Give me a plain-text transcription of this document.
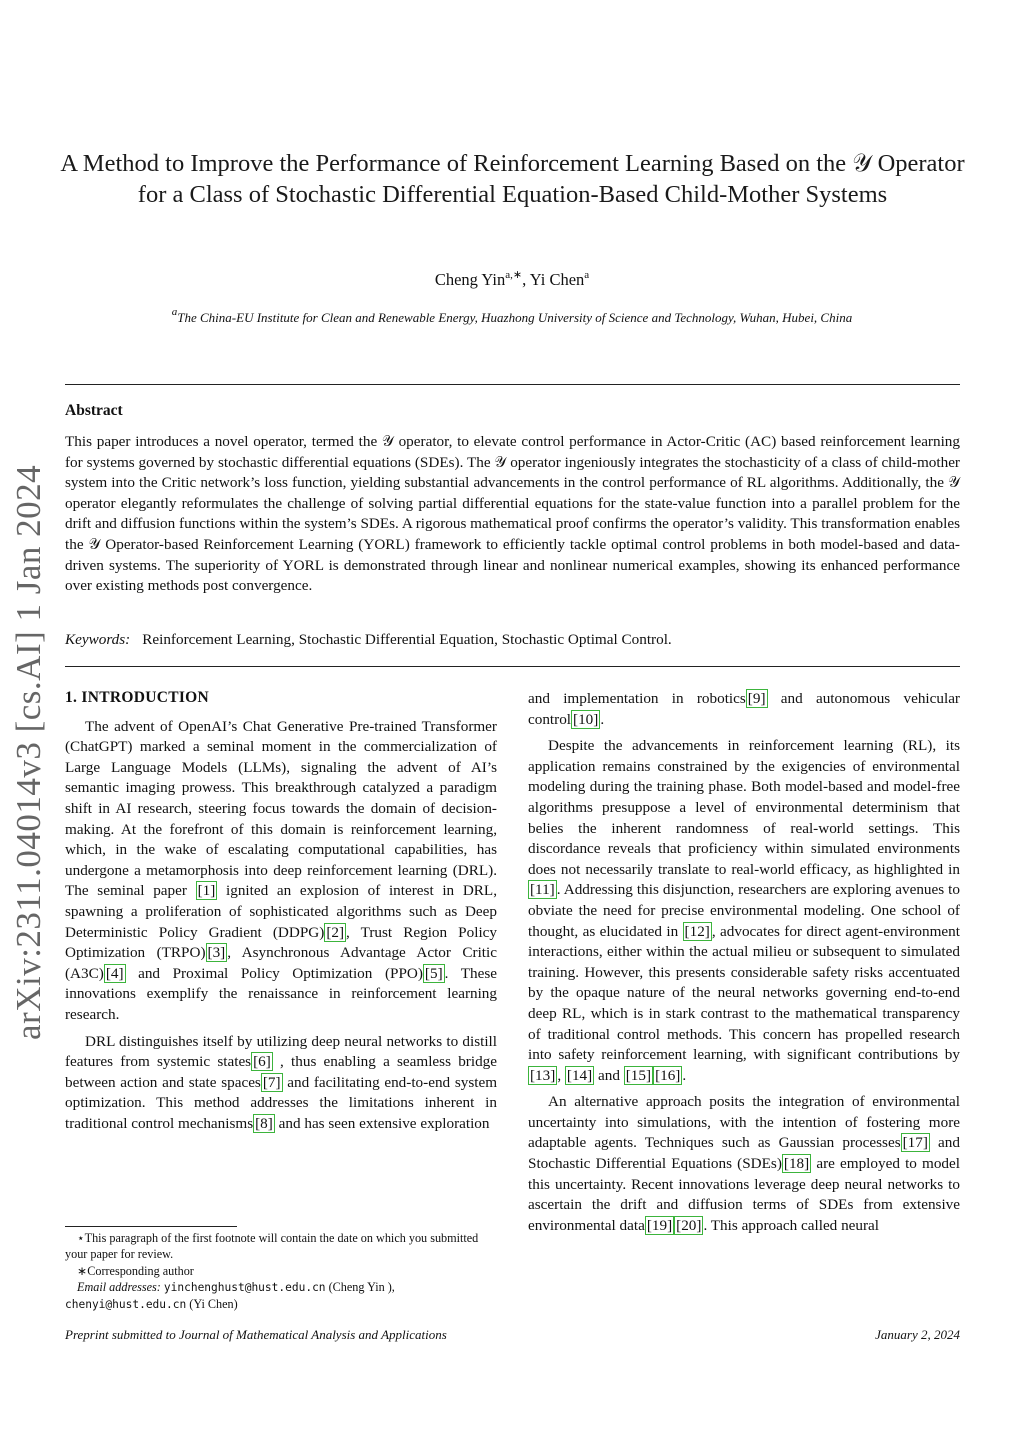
arXiv:2311.04014v3 [cs.AI] 1 Jan 2024
A Method to Improve the Performance of Reinforcement Learning Based on the 𝒴 Operator for a Class of Stochastic Differential Equation-Based Child-Mother Systems
Cheng Yin$^{a,∗}$, Yi Chen$^a$
$^a$The China-EU Institute for Clean and Renewable Energy, Huazhong University of Science and Technology, Wuhan, Hubei, China
Abstract
This paper introduces a novel operator, termed the 𝒴 operator, to elevate control performance in Actor-Critic (AC) based reinforcement learning for systems governed by stochastic differential equations (SDEs). The 𝒴 operator ingeniously integrates the stochasticity of a class of child-mother system into the Critic network’s loss function, yielding substantial advancements in the control performance of RL algorithms. Additionally, the 𝒴 operator elegantly reformulates the challenge of solving partial differential equations for the state-value function into a parallel problem for the drift and diffusion functions within the system’s SDEs. A rigorous mathematical proof confirms the operator’s validity. This transformation enables the 𝒴 Operator-based Reinforcement Learning (YORL) framework to efficiently tackle optimal control problems in both model-based and data-driven systems. The superiority of YORL is demonstrated through linear and nonlinear numerical examples, showing its enhanced performance over existing methods post convergence.
Keywords: Reinforcement Learning, Stochastic Differential Equation, Stochastic Optimal Control.
1. INTRODUCTION

The advent of OpenAI’s Chat Generative Pre-trained Transformer (ChatGPT) marked a seminal moment in the commercialization of Large Language Models (LLMs), signaling the advent of AI’s semantic imaging prowess. This breakthrough catalyzed a paradigm shift in AI research, steering focus towards the domain of decision-making. At the forefront of this domain is reinforcement learning, which, in the wake of escalating computational capabilities, has undergone a metamorphosis into deep reinforcement learning (DRL). The seminal paper [1] ignited an explosion of interest in DRL, spawning a proliferation of sophisticated algorithms such as Deep Deterministic Policy Gradient (DDPG) [2] , Trust Region Policy Optimization (TRPO) [3] , Asynchronous Advantage Actor Critic (A3C) [4] and Proximal Policy Optimization (PPO) [5] . These innovations exemplify the renaissance in reinforcement learning research.

DRL distinguishes itself by utilizing deep neural networks to distill features from systemic states [6] , thus enabling a seamless bridge between action and state spaces [7] and facilitating end-to-end system optimization. This method addresses the limitations inherent in traditional control mechanisms [8] and has seen extensive exploration

and implementation in robotics [9] and autonomous vehicular control [10] .

Despite the advancements in reinforcement learning (RL), its application remains constrained by the exigencies of environmental modeling during the training phase. Both model-based and model-free algorithms presuppose a level of environmental determinism that belies the inherent randomness of real-world settings. This discordance reveals that proficiency within simulated environments does not necessarily translate to real-world efficacy, as highlighted in [11] . Addressing this disjunction, researchers are exploring avenues to obviate the need for precise environmental modeling. One school of thought, as elucidated in [12] , advocates for direct agent-environment interactions, either within the actual milieu or subsequent to simulated training. However, this presents considerable safety risks accentuated by the opaque nature of the neural networks governing end-to-end deep RL, which is in stark contrast to the mathematical transparency of traditional control methods. This concern has propelled research into safety reinforcement learning, with significant contributions by [13] , [14] and [15] [16] .

An alternative approach posits the integration of environmental uncertainty into simulations, with the intention of fostering more adaptable agents. Techniques such as Gaussian processes [17] and Stochastic Differential Equations (SDEs) [18] are employed to model this uncertainty. Recent innovations leverage deep neural networks to ascertain the drift and diffusion terms of SDEs from extensive environmental data [19] [20] . This approach called neural

⋆This paragraph of the first footnote will contain the date on which you submitted your paper for review.

∗Corresponding author

Email addresses: yinchenghust@hust.edu.cn (Cheng Yin ),

chenyi@hust.edu.cn (Yi Chen)

Preprint submitted to Journal of Mathematical Analysis and Applications	January 2, 2024
